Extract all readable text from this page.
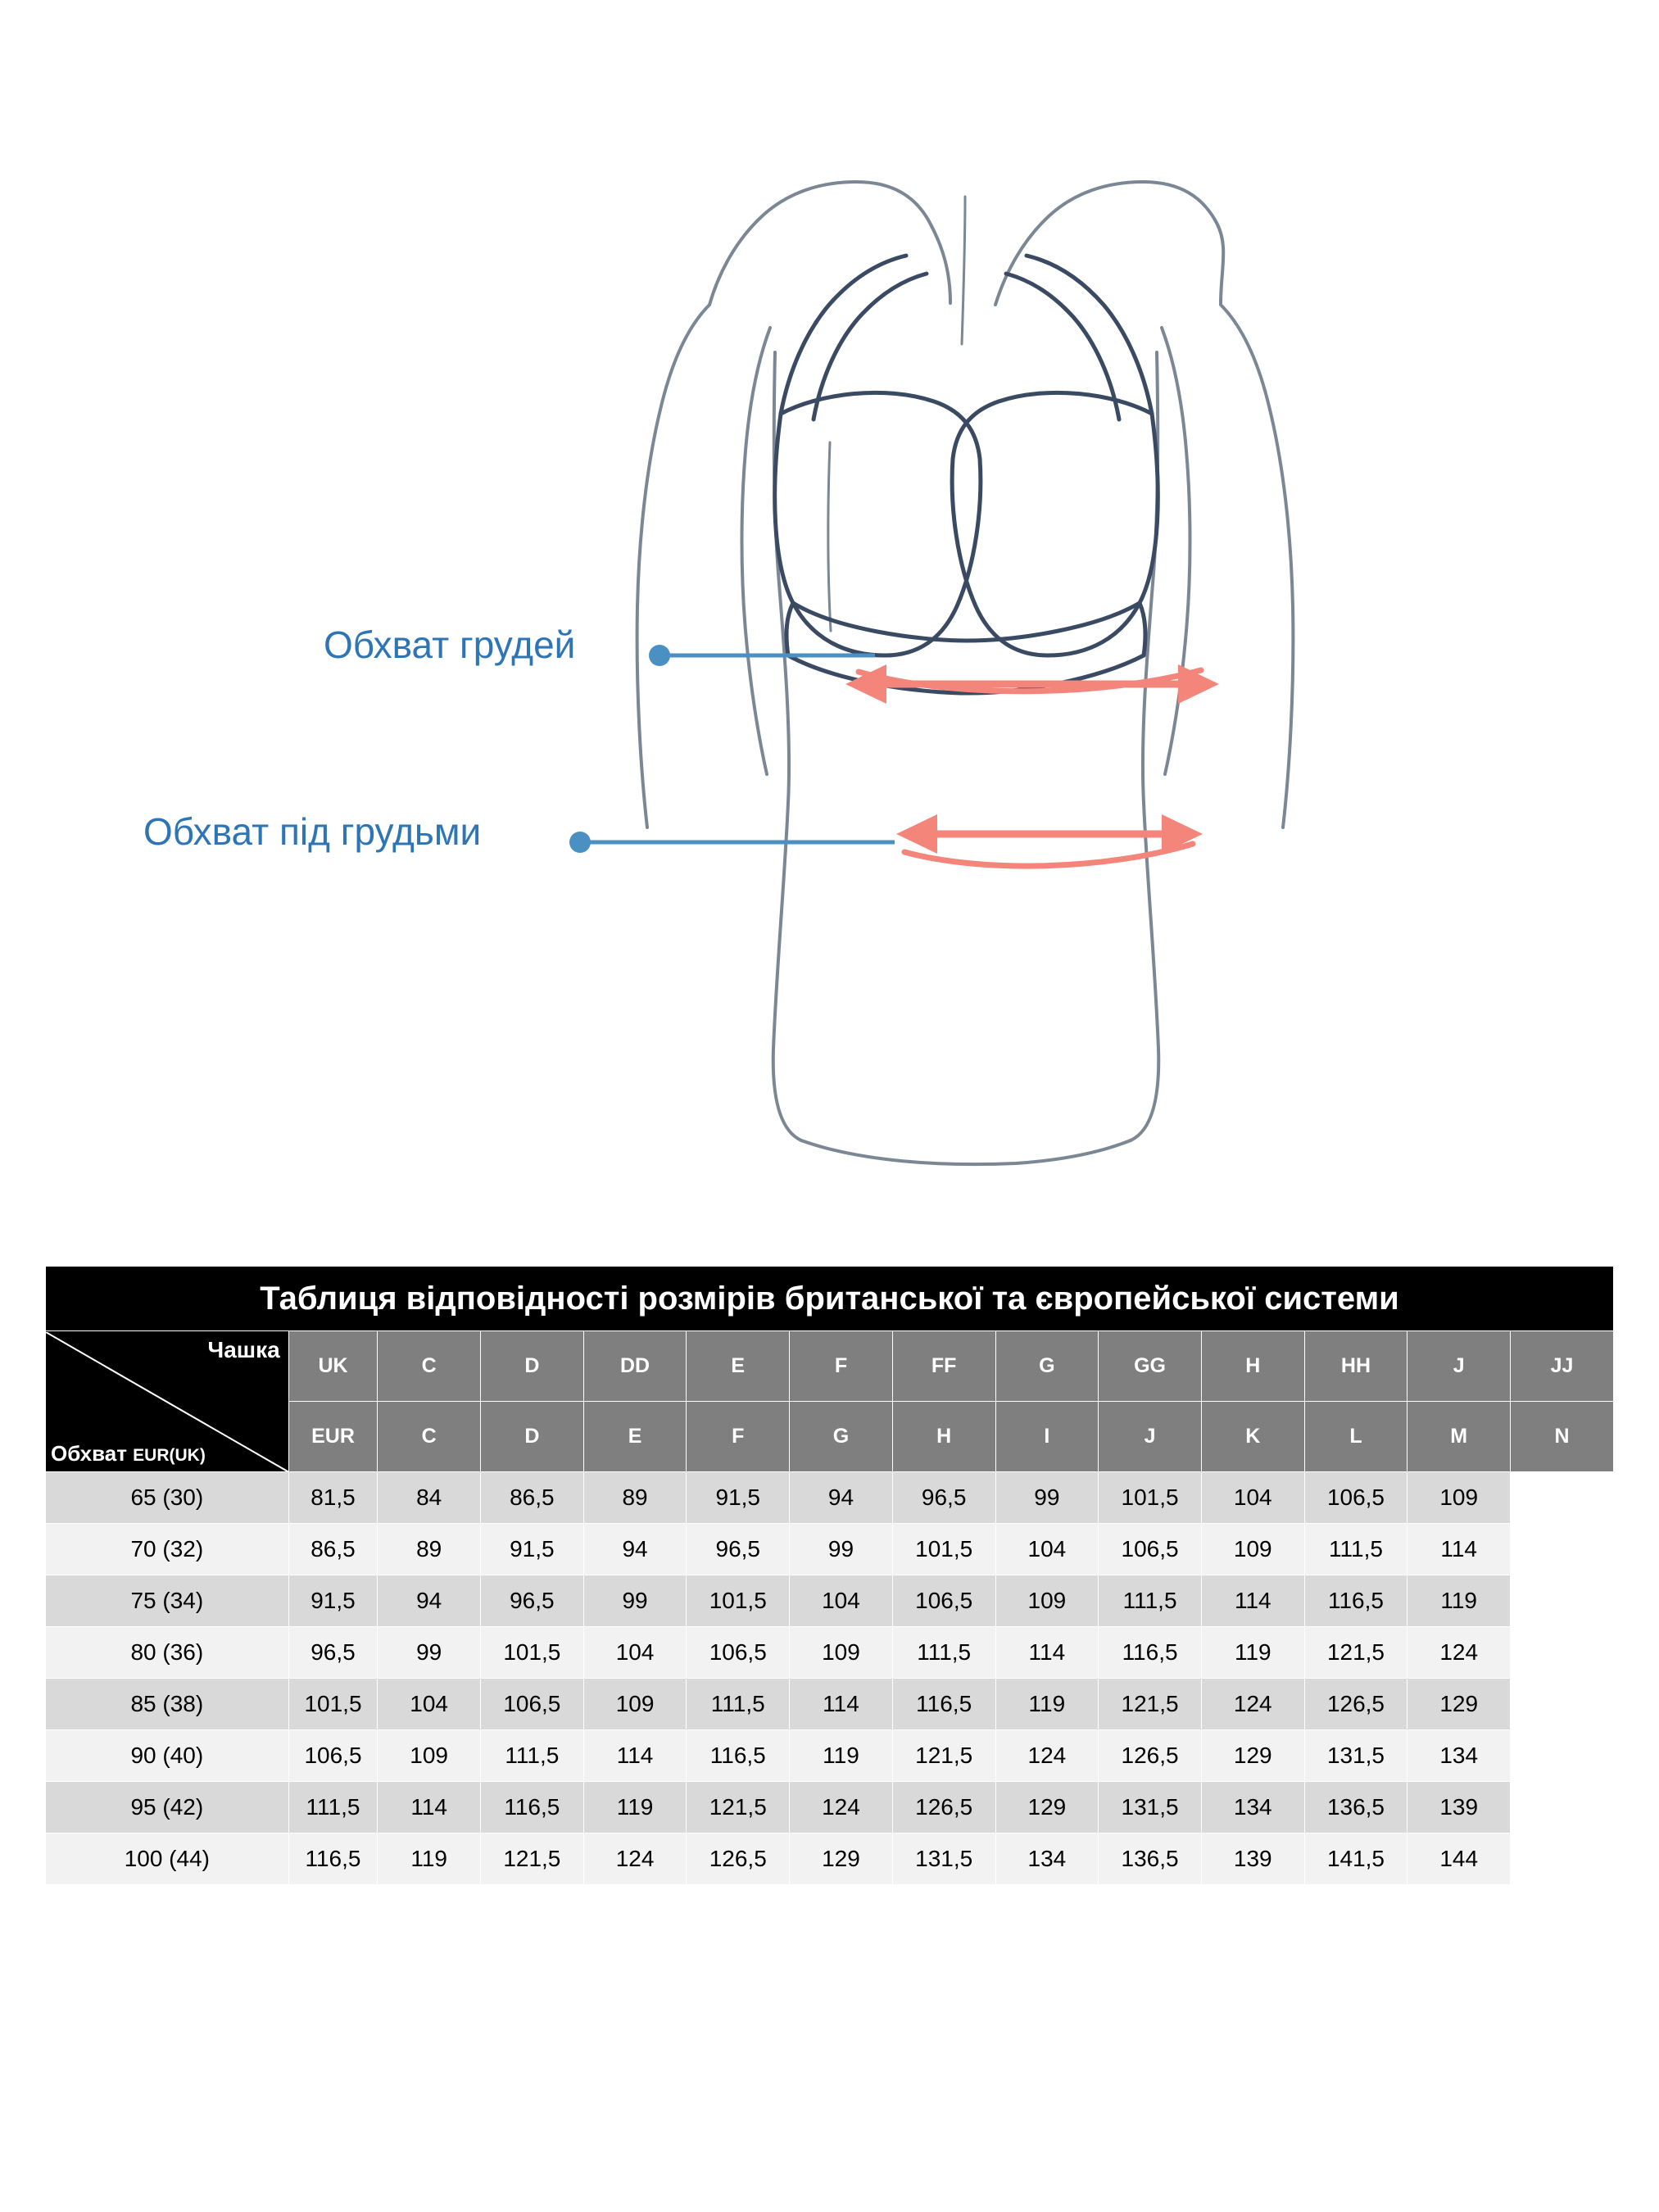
Обхват грудей
Обхват під грудьми
Таблиця відповідності розмірів британської та європейської системи													

Чашка
Обхват EUR(UK)	UK	C	D	DD	E	F	FF	G	GG	H	HH	J	JJ
	EUR	C	D	E	F	G	H	I	J	K	L	M	N
65 (30)	81,5	84	86,5	89	91,5	94	96,5	99	101,5	104	106,5	109	
70 (32)	86,5	89	91,5	94	96,5	99	101,5	104	106,5	109	111,5	114	
75 (34)	91,5	94	96,5	99	101,5	104	106,5	109	111,5	114	116,5	119	
80 (36)	96,5	99	101,5	104	106,5	109	111,5	114	116,5	119	121,5	124	
85 (38)	101,5	104	106,5	109	111,5	114	116,5	119	121,5	124	126,5	129	
90 (40)	106,5	109	111,5	114	116,5	119	121,5	124	126,5	129	131,5	134	
95 (42)	111,5	114	116,5	119	121,5	124	126,5	129	131,5	134	136,5	139	
100 (44)	116,5	119	121,5	124	126,5	129	131,5	134	136,5	139	141,5	144	
